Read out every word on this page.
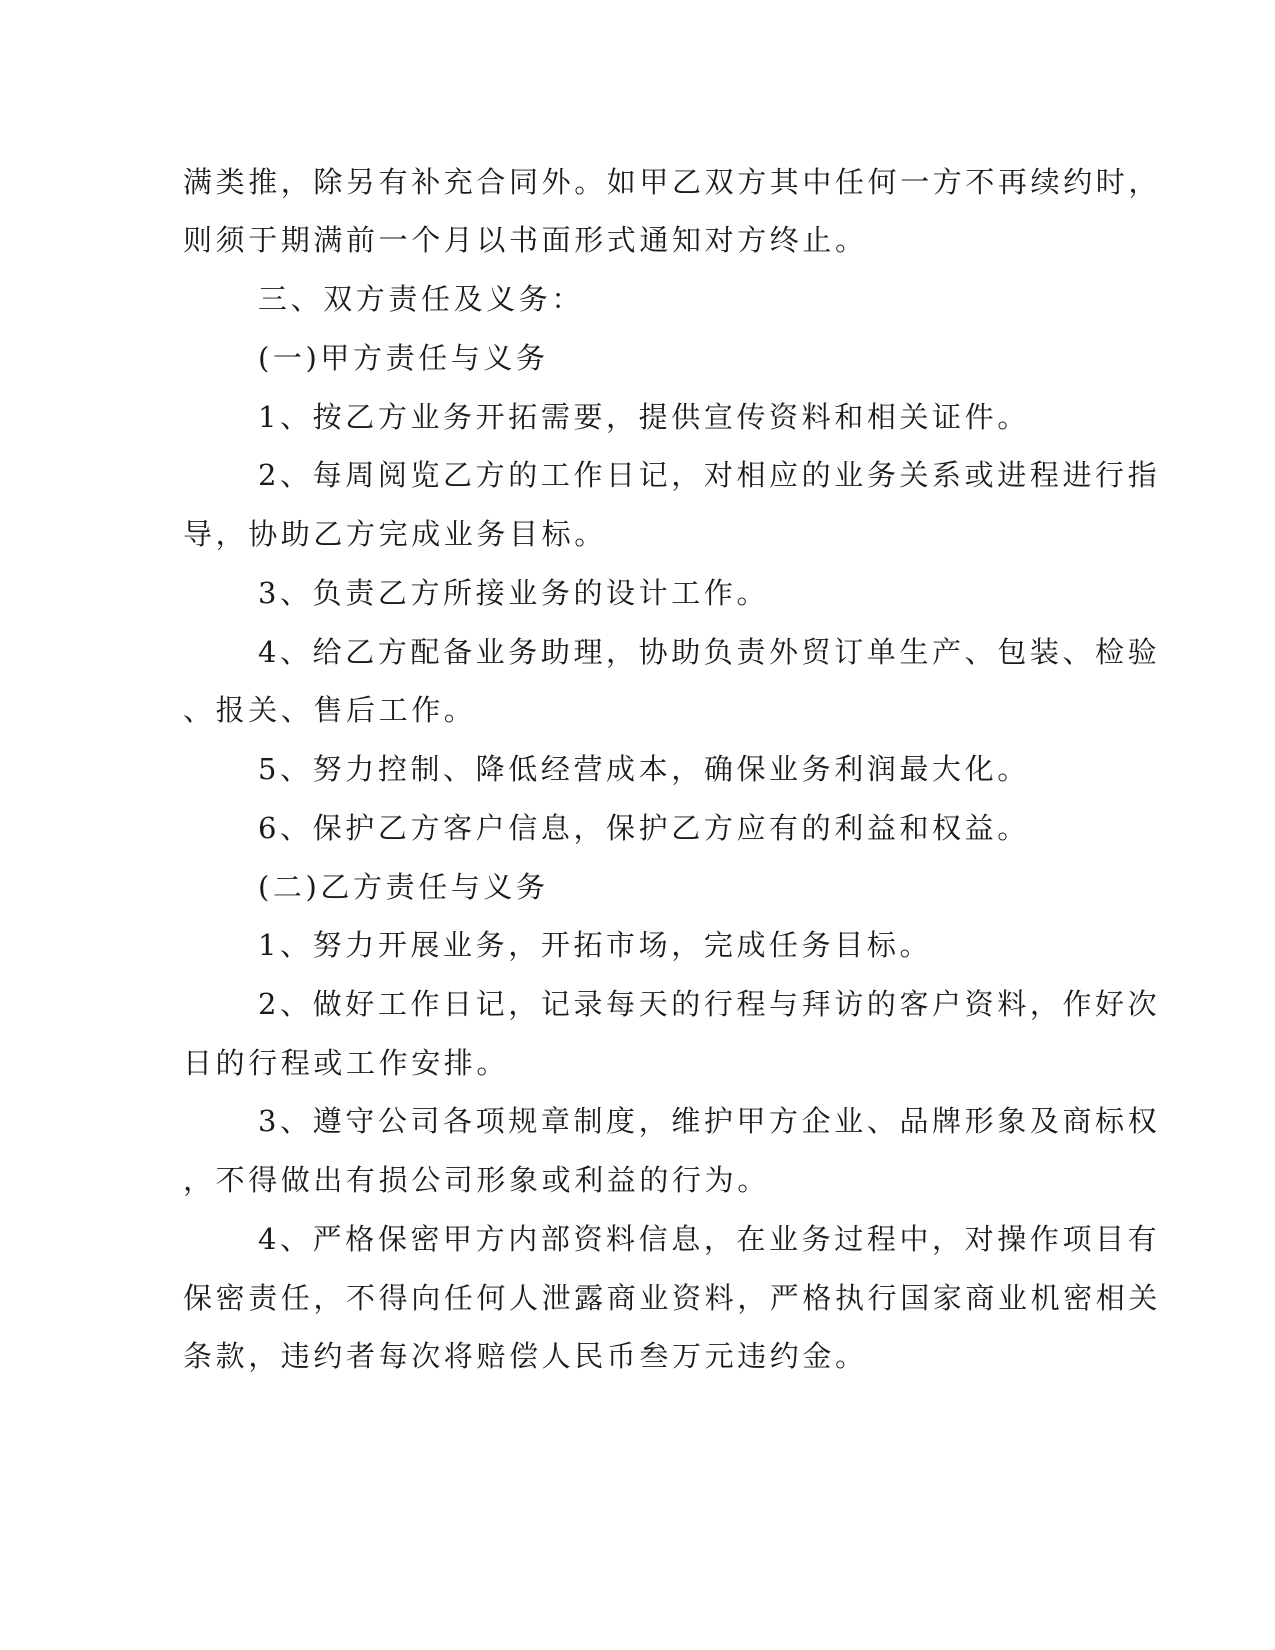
满类推，除另有补充合同外。如甲乙双方其中任何一方不再续约时，
则须于期满前一个月以书面形式通知对方终止。
三、双方责任及义务：
(一)甲方责任与义务
1、按乙方业务开拓需要，提供宣传资料和相关证件。
2、每周阅览乙方的工作日记，对相应的业务关系或进程进行指
导，协助乙方完成业务目标。
3、负责乙方所接业务的设计工作。
4、给乙方配备业务助理，协助负责外贸订单生产、包装、检验
、报关、售后工作。
5、努力控制、降低经营成本，确保业务利润最大化。
6、保护乙方客户信息，保护乙方应有的利益和权益。
(二)乙方责任与义务
1、努力开展业务，开拓市场，完成任务目标。
2、做好工作日记，记录每天的行程与拜访的客户资料，作好次
日的行程或工作安排。
3、遵守公司各项规章制度，维护甲方企业、品牌形象及商标权
，不得做出有损公司形象或利益的行为。
4、严格保密甲方内部资料信息，在业务过程中，对操作项目有
保密责任，不得向任何人泄露商业资料，严格执行国家商业机密相关
条款，违约者每次将赔偿人民币叁万元违约金。
